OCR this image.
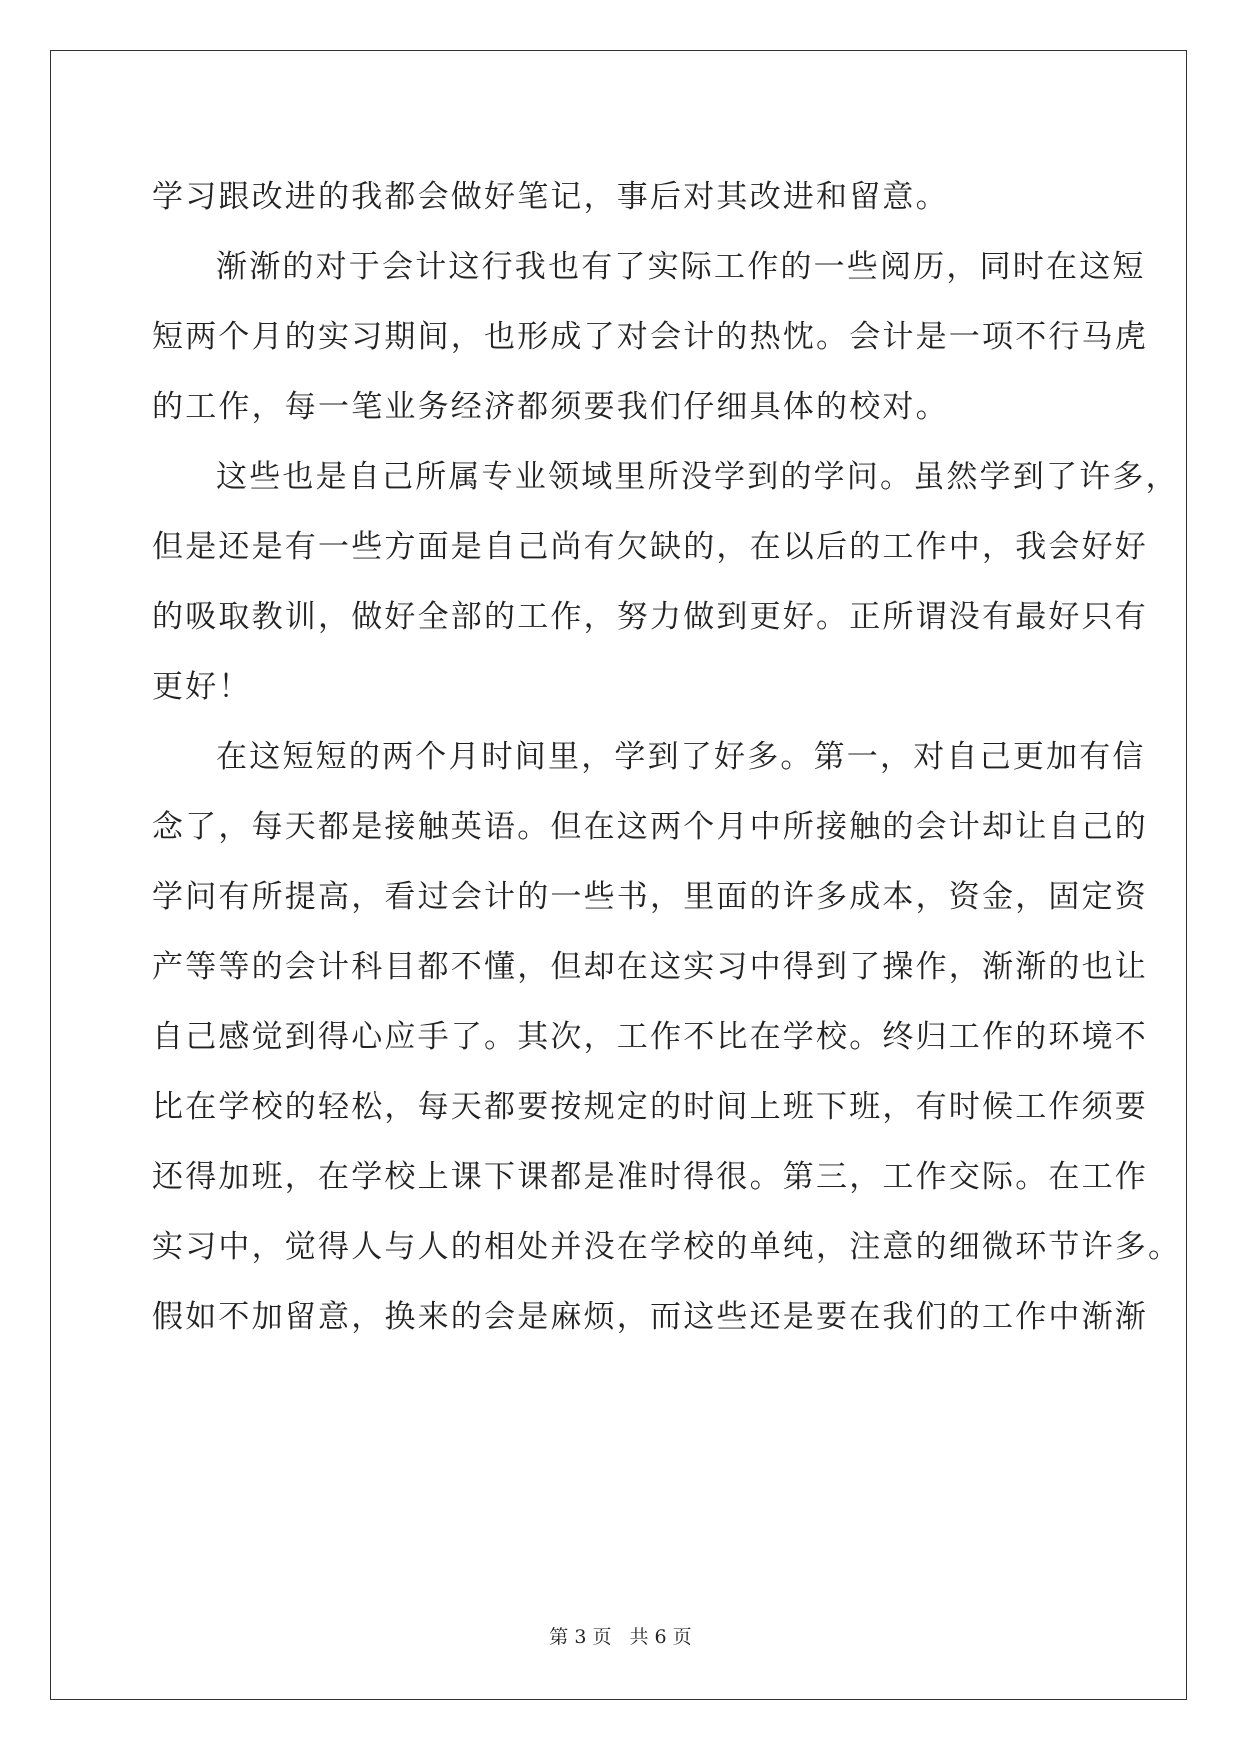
学习跟改进的我都会做好笔记，事后对其改进和留意。
渐渐的对于会计这行我也有了实际工作的一些阅历，同时在这短
短两个月的实习期间，也形成了对会计的热忱。会计是一项不行马虎
的工作，每一笔业务经济都须要我们仔细具体的校对。
这些也是自己所属专业领域里所没学到的学问。虽然学到了许多，
但是还是有一些方面是自己尚有欠缺的，在以后的工作中，我会好好
的吸取教训，做好全部的工作，努力做到更好。正所谓没有最好只有
更好！
在这短短的两个月时间里，学到了好多。第一，对自己更加有信
念了，每天都是接触英语。但在这两个月中所接触的会计却让自己的
学问有所提高，看过会计的一些书，里面的许多成本，资金，固定资
产等等的会计科目都不懂，但却在这实习中得到了操作，渐渐的也让
自己感觉到得心应手了。其次，工作不比在学校。终归工作的环境不
比在学校的轻松，每天都要按规定的时间上班下班，有时候工作须要
还得加班，在学校上课下课都是准时得很。第三，工作交际。在工作
实习中，觉得人与人的相处并没在学校的单纯，注意的细微环节许多。
假如不加留意，换来的会是麻烦，而这些还是要在我们的工作中渐渐
第 3 页 共 6 页
